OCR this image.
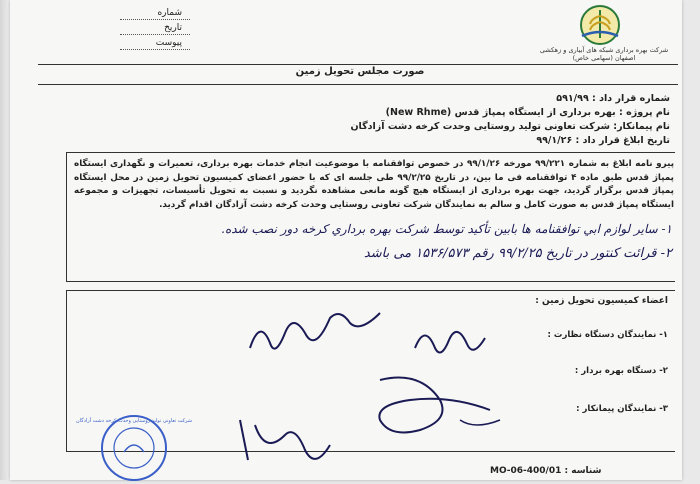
شماره
تاریخ
پیوست
شرکت بهره برداری شبکه های آبیاری و زهکشی اصفهان (سهامی خاص)
صورت مجلس تحویل زمین
شماره قرار داد : ۵۹۱/۹۹
نام پروژه : بهره برداری از ایستگاه پمپاژ قدس (New Rhme)
نام پیمانکار: شرکت تعاونی تولید روستایی وحدت کرخه دشت آزادگان
تاریخ ابلاغ قرار داد : ۹۹/۱/۲۶
پیرو نامه ابلاغ به شماره ۹۹/۲۲۱ مورخه ۹۹/۱/۲۶ در خصوص توافقنامه با موضوعیت انجام خدمات بهره برداری، تعمیرات و نگهداری ایستگاه پمپاژ قدس طبق ماده ۴ توافقنامه فی ما بین، در تاریخ ۹۹/۲/۲۵ طی جلسه ای که با حضور اعضای کمیسیون تحویل زمین در محل ایستگاه پمپاژ قدس برگزار گردید، جهت بهره برداری از ایستگاه هیچ گونه مانعی مشاهده نگردید و نسبت به تحویل تأسیسات، تجهیزات و مجموعه ایستگاه پمپاژ قدس به صورت کامل و سالم به نمایندگان شرکت تعاونی روستایی وحدت کرخه دشت آزادگان اقدام گردید.
۱- ساير لوازم ابي توافقنامه ها بابين تأکيد توسط شرکت بهره برداري کرخه دور نصب شده.
۲- قرائت کنتور در تاریخ ۹۹/۲/۲۵ رقم ۱۵۳۶/۵۷۳ می باشد
اعضاء کمیسیون تحویل زمین :
۱- نمایندگان دستگاه نظارت :
۲- دستگاه بهره بردار :
۳- نمایندگان پیمانکار :
شرکت تعاونی تولید روستایی وحدت کرخه دشت آزادگان
شناسه : MO-06-400/01
